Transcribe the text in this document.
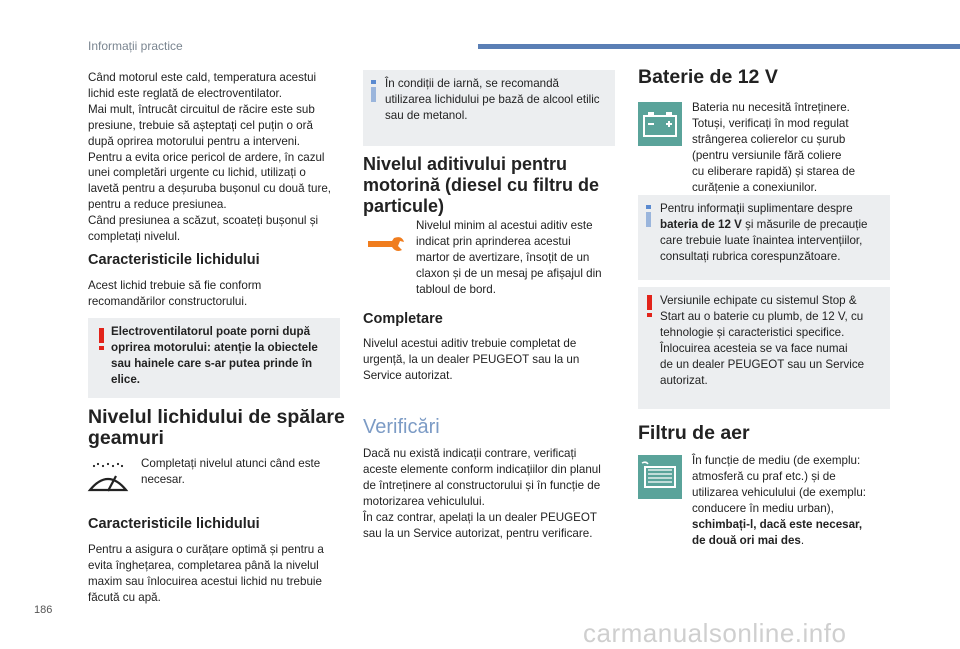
Informații practice

Când motorul este cald, temperatura acestui

lichid este reglată de electroventilator.

Mai mult, întrucât circuitul de răcire este sub

presiune, trebuie să așteptați cel puțin o oră

după oprirea motorului pentru a interveni.

Pentru a evita orice pericol de ardere, în cazul

unei completări urgente cu lichid, utilizați o

lavetă pentru a deșuruba bușonul cu două ture,

pentru a reduce presiunea.

Când presiunea a scăzut, scoateți bușonul și

completați nivelul.

Caracteristicile lichidului

Acest lichid trebuie să fie conform

recomandărilor constructorului.

Electroventilatorul poate porni după

oprirea motorului: atenție la obiectele

sau hainele care s-ar putea prinde în

elice.

Nivelul lichidului de spălare

geamuri

Completați nivelul atunci când este

necesar.

Caracteristicile lichidului

Pentru a asigura o curățare optimă și pentru a

evita înghețarea, completarea până la nivelul

maxim sau înlocuirea acestui lichid nu trebuie

făcută cu apă.

În condiții de iarnă, se recomandă

utilizarea lichidului pe bază de alcool etilic

sau de metanol.

Nivelul aditivului pentru

motorină (diesel cu filtru de

particule)

Nivelul minim al acestui aditiv este

indicat prin aprinderea acestui

martor de avertizare, însoțit de un

claxon și de un mesaj pe afișajul din

tabloul de bord.

Completare

Nivelul acestui aditiv trebuie completat de

urgență, la un dealer PEUGEOT sau la un

Service autorizat.

Verificări

Dacă nu există indicații contrare, verificați

aceste elemente conform indicațiilor din planul

de întreținere al constructorului și în funcție de

motorizarea vehiculului.

În caz contrar, apelați la un dealer PEUGEOT

sau la un Service autorizat, pentru verificare.

Baterie de 12 V

Bateria nu necesită întreținere.

Totuși, verificați în mod regulat

strângerea colierelor cu șurub

(pentru versiunile fără coliere

cu eliberare rapidă) și starea de

curățenie a conexiunilor.

Pentru informații suplimentare despre

bateria de 12 V și măsurile de precauție

care trebuie luate înaintea intervențiilor,

consultați rubrica corespunzătoare.

Versiunile echipate cu sistemul Stop &

Start au o baterie cu plumb, de 12 V, cu

tehnologie și caracteristici specifice.

Înlocuirea acesteia se va face numai

de un dealer PEUGEOT sau un Service

autorizat.

Filtru de aer

În funcție de mediu (de exemplu:

atmosferă cu praf etc.) și de

utilizarea vehiculului (de exemplu:

conducere în mediu urban),

schimbați-l, dacă este necesar,

de două ori mai des.

186
carmanualsonline.info
